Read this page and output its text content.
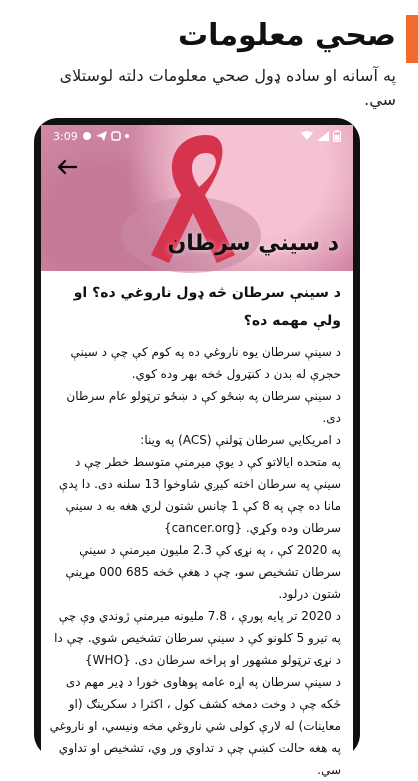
صحي معلومات
په آسانه او ساده ډول صحي معلومات دلته لوستلای سي.
3:09
د سیني سرطان

د سینې سرطان څه ډول ناروغي ده؟ او ولې مهمه ده؟

د سینې سرطان یوه ناروغي ده په کوم کې چې د سینې حجرې له بدن د کنټرول څخه بهر وده کوي.
د سینې سرطان په ښځو کې د ښځو ترټولو عام سرطان دی.
د امریکایي سرطان ټولنې (ACS) په وینا:
په متحده ایالاتو کې د یوې میرمنې متوسط خطر چې د سینې په سرطان اخته کیږي شاوخوا 13 سلنه دی. دا پدې مانا ده چې په 8 کې 1 چانس شتون لري هغه به د سینې سرطان وده وکړي. {cancer.org}
په 2020 کې ، په نړۍ کې 2.3 ملیون میرمنې د سینې سرطان تشخیص سو، چې د هغې څخه 685 000 مړینې شتون درلود.
د 2020 تر پایه پورې ، 7.8 ملیونه میرمنې ژوندي وې چې په تیرو 5 کلونو کې د سینې سرطان تشخیص شوي. چې دا د نړۍ ترټولو مشهور او پراخه سرطان دی. {WHO}
د سینې سرطان په اړه عامه پوهاوی خورا د ډیر مهم دی څکه چې د وخت دمخه کشف کول ، اکثرا د سکرینګ (او معاینات) له لارې کولی شي ناروغي مخه ونیسي، او ناروغي په هغه حالت کښې چې د تداوي ور وي، تشخیص او تداوي سي.
